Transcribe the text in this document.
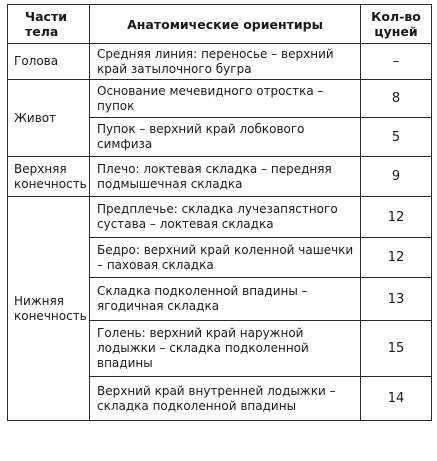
Части тела	Анатомические ориентиры	Кол-во цуней
Голова	Средняя линия: переносье – верхний край затылочного бугра	–
Живот	Основание мечевидного отростка – пупок	8
	Пупок – верхний край лобкового симфиза	5
Верхняя конечность	Плечо: локтевая складка – передняя подмышечная складка	9
Нижняя конечность	Предплечье: складка лучезапястного сустава – локтевая складка	12
	Бедро: верхний край коленной чашечки – паховая складка	12
	Складка подколенной впадины – ягодичная складка	13
	Голень: верхний край наружной лодыжки – складка подколенной впадины	15
	Верхний край внутренней лодыжки – складка подколенной впадины	14
